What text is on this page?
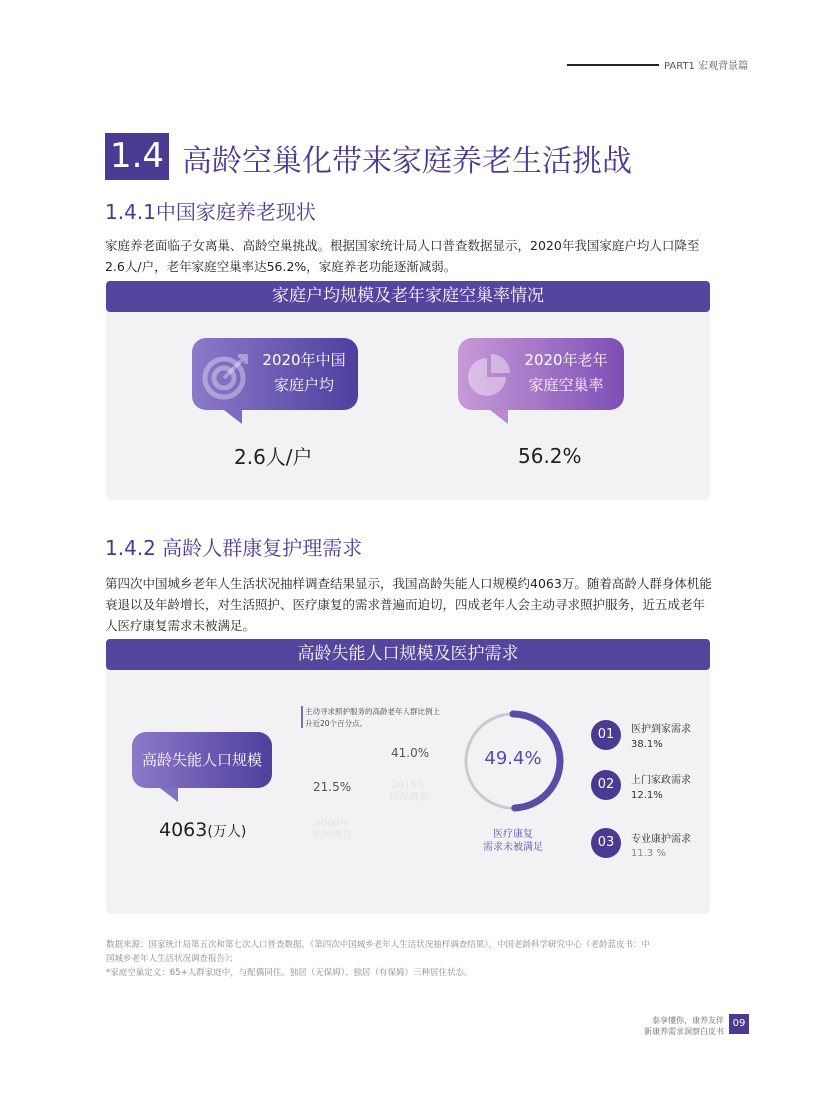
PART1 宏观背景篇
1.4 高龄空巢化带来家庭养老生活挑战
1.4.1中国家庭养老现状
家庭养老面临子女离巢、高龄空巢挑战。根据国家统计局人口普查数据显示，2020年我国家庭户均人口降至2.6人/户，老年家庭空巢率达56.2%，家庭养老功能逐渐减弱。
家庭户均规模及老年家庭空巢率情况
2020年中国
家庭户均
2.6人/户
2020年老年
家庭空巢率
56.2%
1.4.2 高龄人群康复护理需求
第四次中国城乡老年人生活状况抽样调查结果显示，我国高龄失能人口规模约4063万。随着高龄人群身体机能衰退以及年龄增长，对生活照护、医疗康复的需求普遍而迫切，四成老年人会主动寻求照护服务，近五成老年人医疗康复需求未被满足。
高龄失能人口规模及医护需求
高龄失能人口规模
4063(万人)
主动寻求照护服务的高龄老年人群比例上
升近20个百分点。
21.5%
41.0%
2000年
状况调查
2015年
状况调查
49.4%
医疗康复
需求未被满足
01	医护到家需求
38.1%
02	上门家政需求
12.1%
03	专业康护需求
11.3 %
数据来源：国家统计局第五次和第七次人口普查数据，《第四次中国城乡老年人生活状况抽样调查结果》，中国老龄科学研究中心《老龄蓝皮书：中
国城乡老年人生活状况调查报告》；
*家庭空巢定义：65+人群家庭中，与配偶同住、独居（无保姆）、独居（有保姆）三种居住状态。
泰享懂你，康养友伴
新康养需求洞察白皮书
09
